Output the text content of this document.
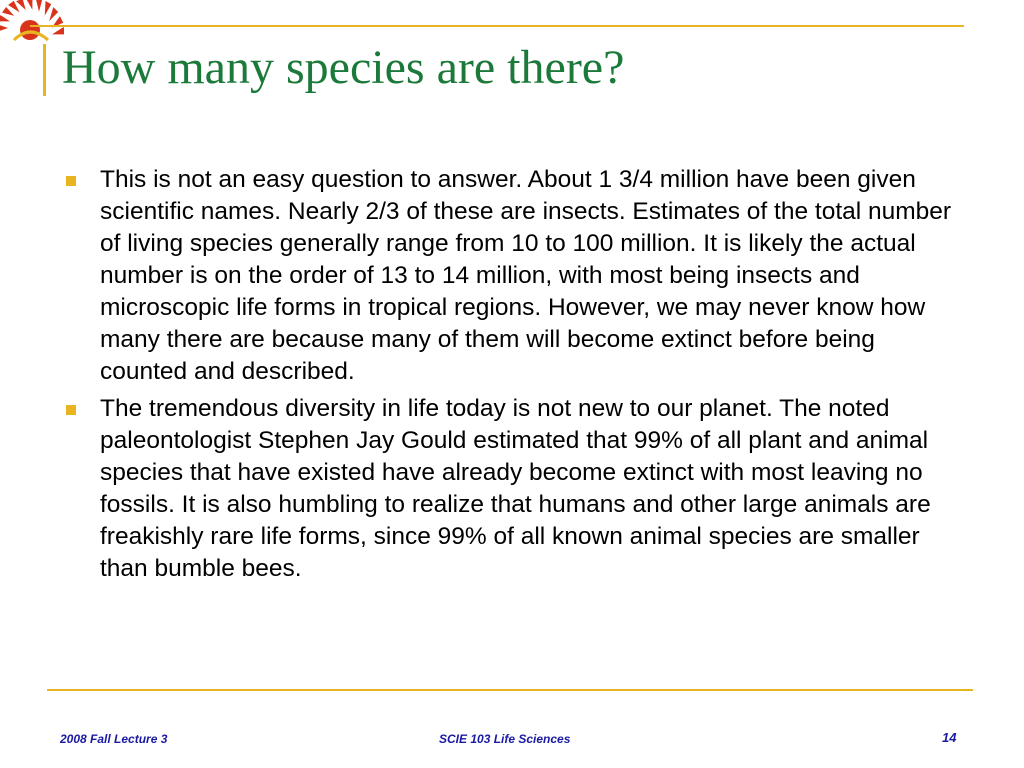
How many species are there?
This is not an easy question to answer. About 1 3/4 million have been given scientific names. Nearly 2/3 of these are insects. Estimates of the total number of living species generally range from 10 to 100 million. It is likely the actual number is on the order of 13 to 14 million, with most being insects and microscopic life forms in tropical regions. However, we may never know how many there are because many of them will become extinct before being counted and described.
The tremendous diversity in life today is not new to our planet. The noted paleontologist Stephen Jay Gould estimated that 99% of all plant and animal species that have existed have already become extinct with most leaving no fossils. It is also humbling to realize that humans and other large animals are freakishly rare life forms, since 99% of all known animal species are smaller than bumble bees.
2008 Fall Lecture 3	SCIE 103 Life Sciences	14
